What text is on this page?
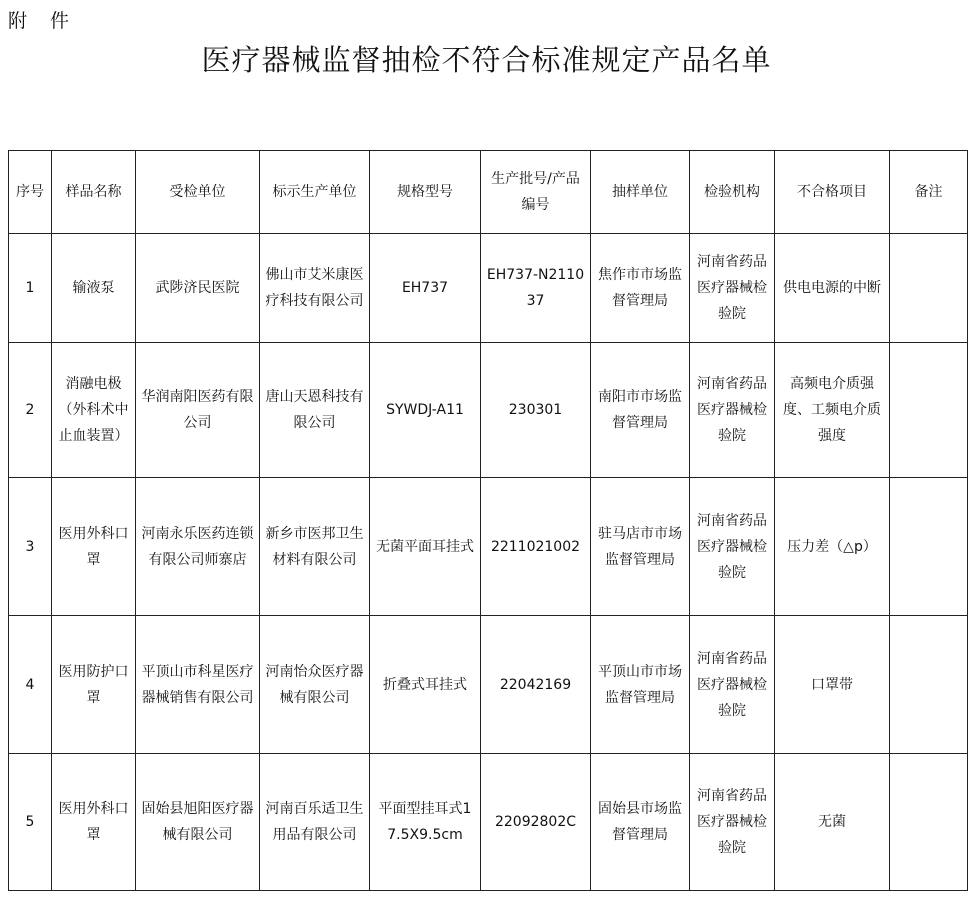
附　件
医疗器械监督抽检不符合标准规定产品名单
序号	样品名称	受检单位	标示生产单位	规格型号	生产批号/产品编号	抽样单位	检验机构	不合格项目	备注
1	输液泵	武陟济民医院	佛山市艾米康医疗科技有限公司	EH737	EH737-N211037	焦作市市场监督管理局	河南省药品医疗器械检验院	供电电源的中断	
2	消融电极（外科术中止血装置）	华润南阳医药有限公司	唐山天恩科技有限公司	SYWDJ-A11	230301	南阳市市场监督管理局	河南省药品医疗器械检验院	高频电介质强度、工频电介质强度	
3	医用外科口罩	河南永乐医药连锁有限公司师寨店	新乡市医邦卫生材料有限公司	无菌平面耳挂式	2211021002	驻马店市市场监督管理局	河南省药品医疗器械检验院	压力差（△p）	
4	医用防护口罩	平顶山市科星医疗器械销售有限公司	河南怡众医疗器械有限公司	折叠式耳挂式	22042169	平顶山市市场监督管理局	河南省药品医疗器械检验院	口罩带	
5	医用外科口罩	固始县旭阳医疗器械有限公司	河南百乐适卫生用品有限公司	平面型挂耳式17.5X9.5cm	22092802C	固始县市场监督管理局	河南省药品医疗器械检验院	无菌	
